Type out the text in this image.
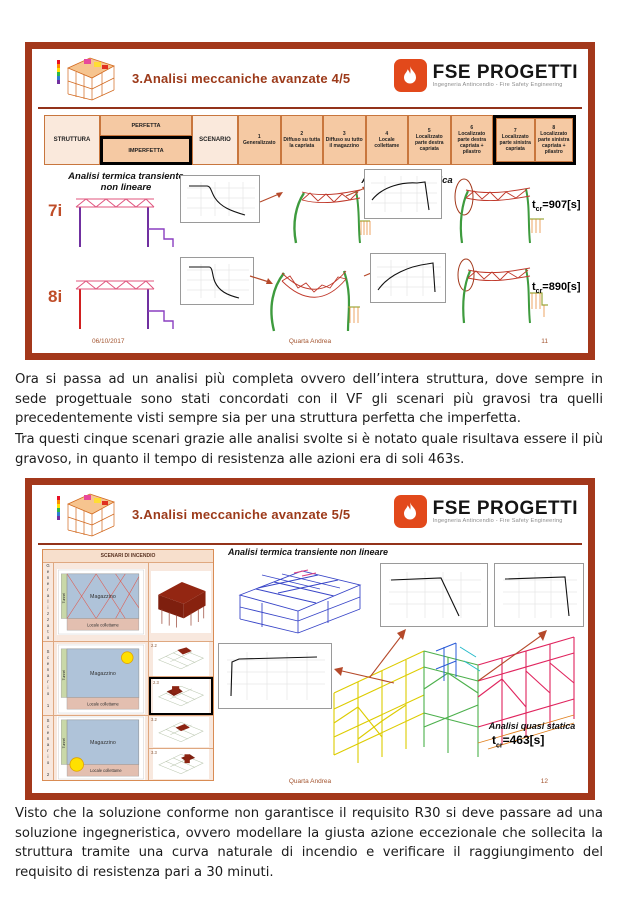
3.Analisi meccaniche avanzate 4/5	FSE PROGETTI
Ingegneria Antincendio - Fire Safety Engineering
STRUTTURA
PERFETTA
IMPERFETTA
SCENARIO	1
Generalizzato
2
Diffuso su tutta la capriata
3
Diffuso su tutto il magazzino
4
Locale collettame
5
Localizzato parte destra capriata
6
Localizzato parte destra capriata + pilastro
7
Localizzato parte sinistra capriata
8
Localizzato parte sinistra capriata + pilastro
Analisi termica transiente
non lineare
Analisi quasi statica
7i	$t_{cr}=907[s]$
8i	$t_{cr}=890[s]$
06/10/2017	Quarta Andrea	11

Ora si passa ad un analisi più completa ovvero dell’intera struttura, dove sempre in sede progettuale sono stati concordati con il VF gli scenari più gravosi tra quelli precedentemente visti sempre sia per una struttura perfetta che imperfetta.

Tra questi cinque scenari grazie alle analisi svolte si è notato quale risultava essere il più gravoso, in quanto il tempo di resistenza alle azioni era di soli 463s.

3.Analisi meccaniche avanzate 5/5	FSE PROGETTI
Ingegneria Antincendio - Fire Safety Engineering
SCENARI DI INCENDIO
Generalizzato	Magazzino
Locale collettame
Tunnel
Scenario 1	Magazzino
Locale collettame
Tunnel
2.2
2.3
Scenario 2	Magazzino
Locale collettame
Tunnel
3.2
3.3
Analisi termica transiente non lineare
Analisi quasi statica
$t_{cr}=463[s]$
Quarta Andrea	12

Visto che la soluzione conforme non garantisce il requisito R30 si deve passare ad una soluzione ingegneristica, ovvero modellare la giusta azione eccezionale che sollecita la struttura tramite una curva naturale di incendio e verificare il raggiungimento del requisito di resistenza pari a 30 minuti.
